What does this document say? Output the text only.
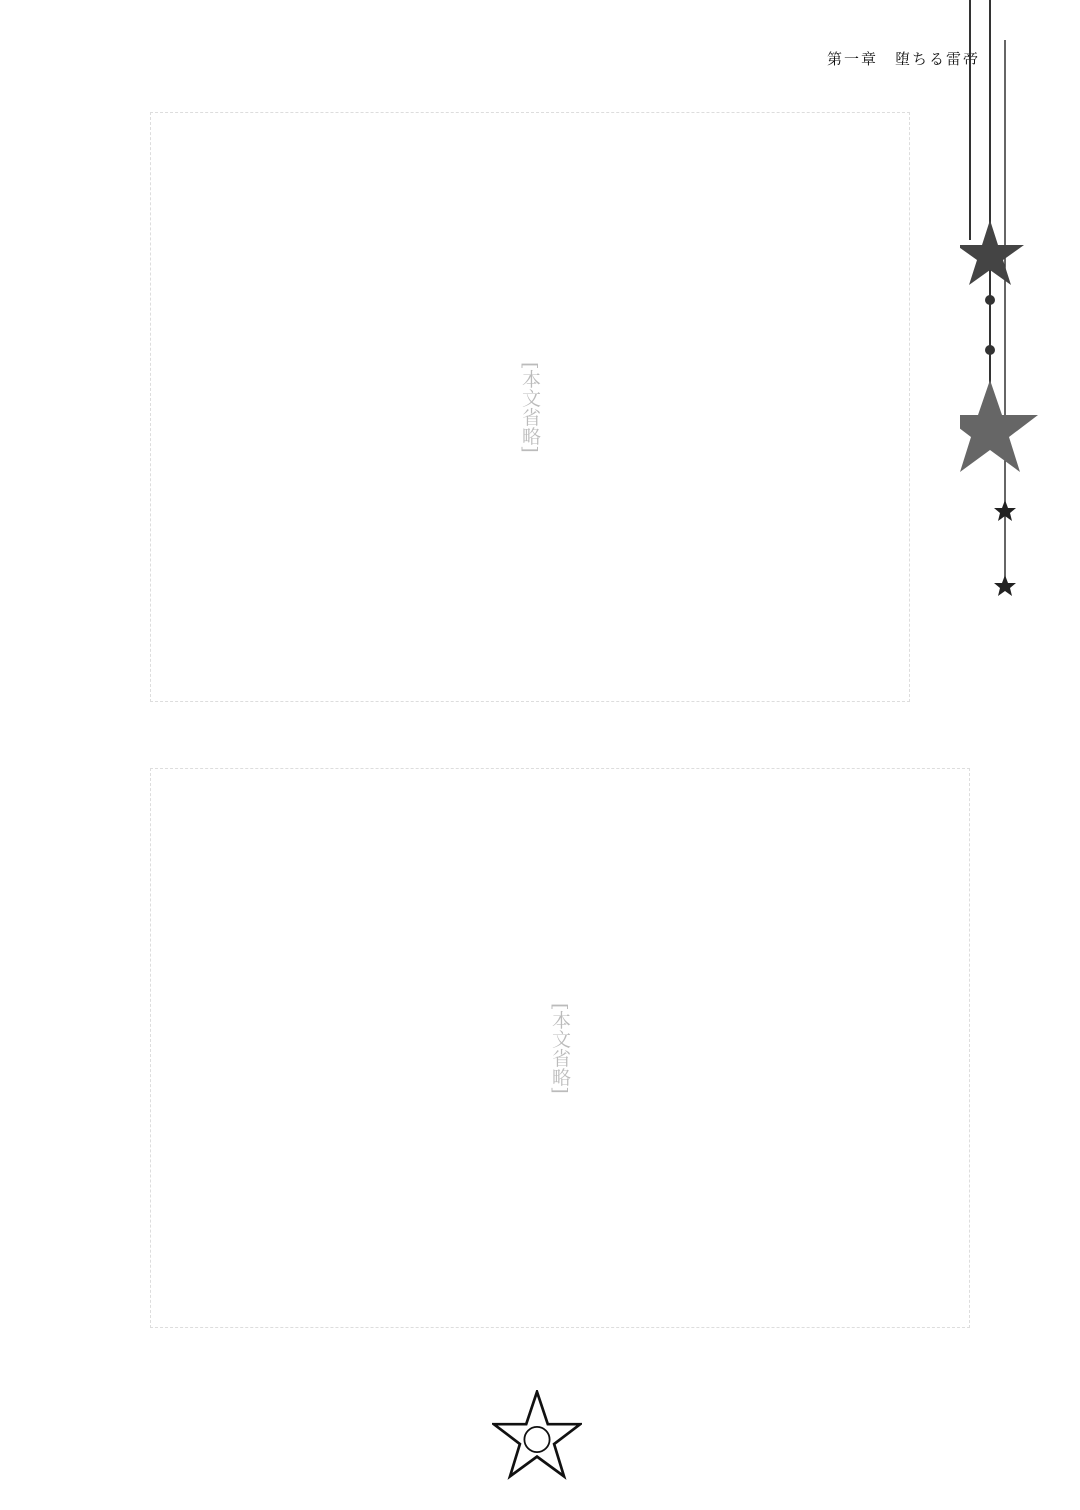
第一章　堕ちる雷帝
[本文省略]
[本文省略]
